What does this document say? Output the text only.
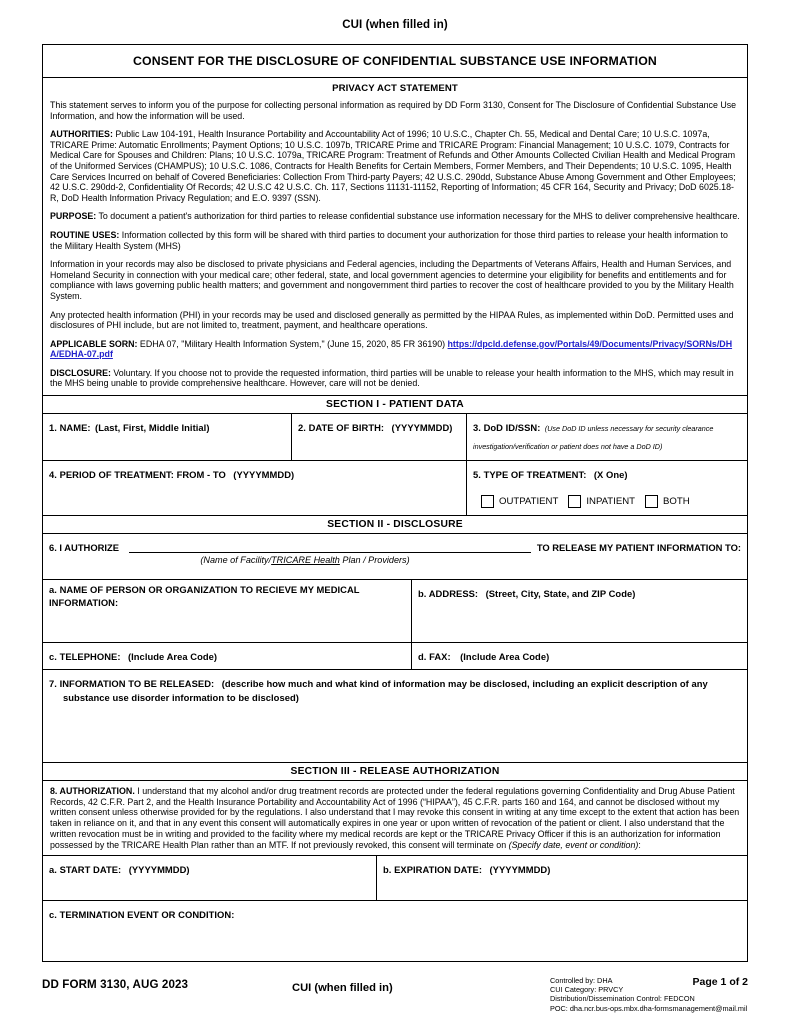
CUI (when filled in)
CONSENT FOR THE DISCLOSURE OF CONFIDENTIAL SUBSTANCE USE INFORMATION
PRIVACY ACT STATEMENT

This statement serves to inform you of the purpose for collecting personal information as required by DD Form 3130, Consent for The Disclosure of Confidential Substance Use Information, and how the information will be used.

AUTHORITIES: Public Law 104-191, Health Insurance Portability and Accountability Act of 1996; 10 U.S.C., Chapter Ch. 55, Medical and Dental Care; 10 U.S.C. 1097a, TRICARE Prime: Automatic Enrollments; Payment Options; 10 U.S.C. 1097b, TRICARE Prime and TRICARE Program: Financial Management; 10 U.S.C. 1079, Contracts for Medical Care for Spouses and Children: Plans; 10 U.S.C. 1079a, TRICARE Program: Treatment of Refunds and Other Amounts Collected Civilian Health and Medical Program of the Uniformed Services (CHAMPUS); 10 U.S.C. 1086, Contracts for Health Benefits for Certain Members, Former Members, and Their Dependents; 10 U.S.C. 1095, Health Care Services Incurred on behalf of Covered Beneficiaries: Collection From Third-party Payers; 42 U.S.C. 290dd, Substance Abuse Among Government and Other Employees; 42 U.S.C. 290dd-2, Confidentiality Of Records; 42 U.S.C 42 U.S.C. Ch. 117, Sections 11131-11152, Reporting of Information; 45 CFR 164, Security and Privacy; DoD 6025.18-R, DoD Health Information Privacy Regulation; and E.O. 9397 (SSN).

PURPOSE: To document a patient's authorization for third parties to release confidential substance use information necessary for the MHS to deliver comprehensive healthcare.

ROUTINE USES: Information collected by this form will be shared with third parties to document your authorization for those third parties to release your health information to the Military Health System (MHS)

Information in your records may also be disclosed to private physicians and Federal agencies, including the Departments of Veterans Affairs, Health and Human Services, and Homeland Security in connection with your medical care; other federal, state, and local government agencies to determine your eligibility for benefits and entitlements and for compliance with laws governing public health matters; and government and nongovernment third parties to recover the cost of healthcare provided to you by the Military Health System.

Any protected health information (PHI) in your records may be used and disclosed generally as permitted by the HIPAA Rules, as implemented within DoD. Permitted uses and disclosures of PHI include, but are not limited to, treatment, payment, and healthcare operations.

APPLICABLE SORN: EDHA 07, "Military Health Information System," (June 15, 2020, 85 FR 36190) https://dpcld.defense.gov/Portals/49/Documents/Privacy/SORNs/DHA/EDHA-07.pdf

DISCLOSURE: Voluntary. If you choose not to provide the requested information, third parties will be unable to release your health information to the MHS, which may result in the MHS being unable to provide comprehensive healthcare. However, care will not be denied.

SECTION I - PATIENT DATA
1. NAME: (Last, First, Middle Initial)	2. DATE OF BIRTH: (YYYYMMDD)	3. DoD ID/SSN: (Use DoD ID unless necessary for security clearance investigation/verification or patient does not have a DoD ID)
4. PERIOD OF TREATMENT: FROM - TO (YYYYMMDD)	5. TYPE OF TREATMENT: (X One)
OUTPATIENT	INPATIENT	BOTH
SECTION II - DISCLOSURE
6. I AUTHORIZE	TO RELEASE MY PATIENT INFORMATION TO:
(Name of Facility/TRICARE Health Plan / Providers)
a. NAME OF PERSON OR ORGANIZATION TO RECIEVE MY MEDICAL INFORMATION:
b. ADDRESS: (Street, City, State, and ZIP Code)
c. TELEPHONE: (Include Area Code)	d. FAX: (Include Area Code)
7. INFORMATION TO BE RELEASED: (describe how much and what kind of information may be disclosed, including an explicit description of any
substance use disorder information to be disclosed)
SECTION III - RELEASE AUTHORIZATION
8. AUTHORIZATION. I understand that my alcohol and/or drug treatment records are protected under the federal regulations governing Confidentiality and Drug Abuse Patient Records, 42 C.F.R. Part 2, and the Health Insurance Portability and Accountability Act of 1996 (“HIPAA”), 45 C.F.R. parts 160 and 164, and cannot be disclosed without my written consent unless otherwise provided for by the regulations. I also understand that I may revoke this consent in writing at any time except to the extent that action has been taken in reliance on it, and that in any event this consent will automatically expires in one year or upon written of revocation of the patient or client. I also understand that the written revocation must be in writing and provided to the facility where my medical records are kept or the TRICARE Privacy Officer if this is an authorization for information possessed by the TRICARE Health Plan rather than an MTF. If not previously revoked, this consent will terminate on (Specify date, event or condition):
a. START DATE: (YYYYMMDD)	b. EXPIRATION DATE: (YYYYMMDD)
c. TERMINATION EVENT OR CONDITION:
DD FORM 3130, AUG 2023	CUI (when filled in)
Controlled by: DHA
CUI Category: PRVCY
Distribution/Dissemination Control: FEDCON
POC: dha.ncr.bus-ops.mbx.dha-formsmanagement@mail.mil
Page 1 of 2
